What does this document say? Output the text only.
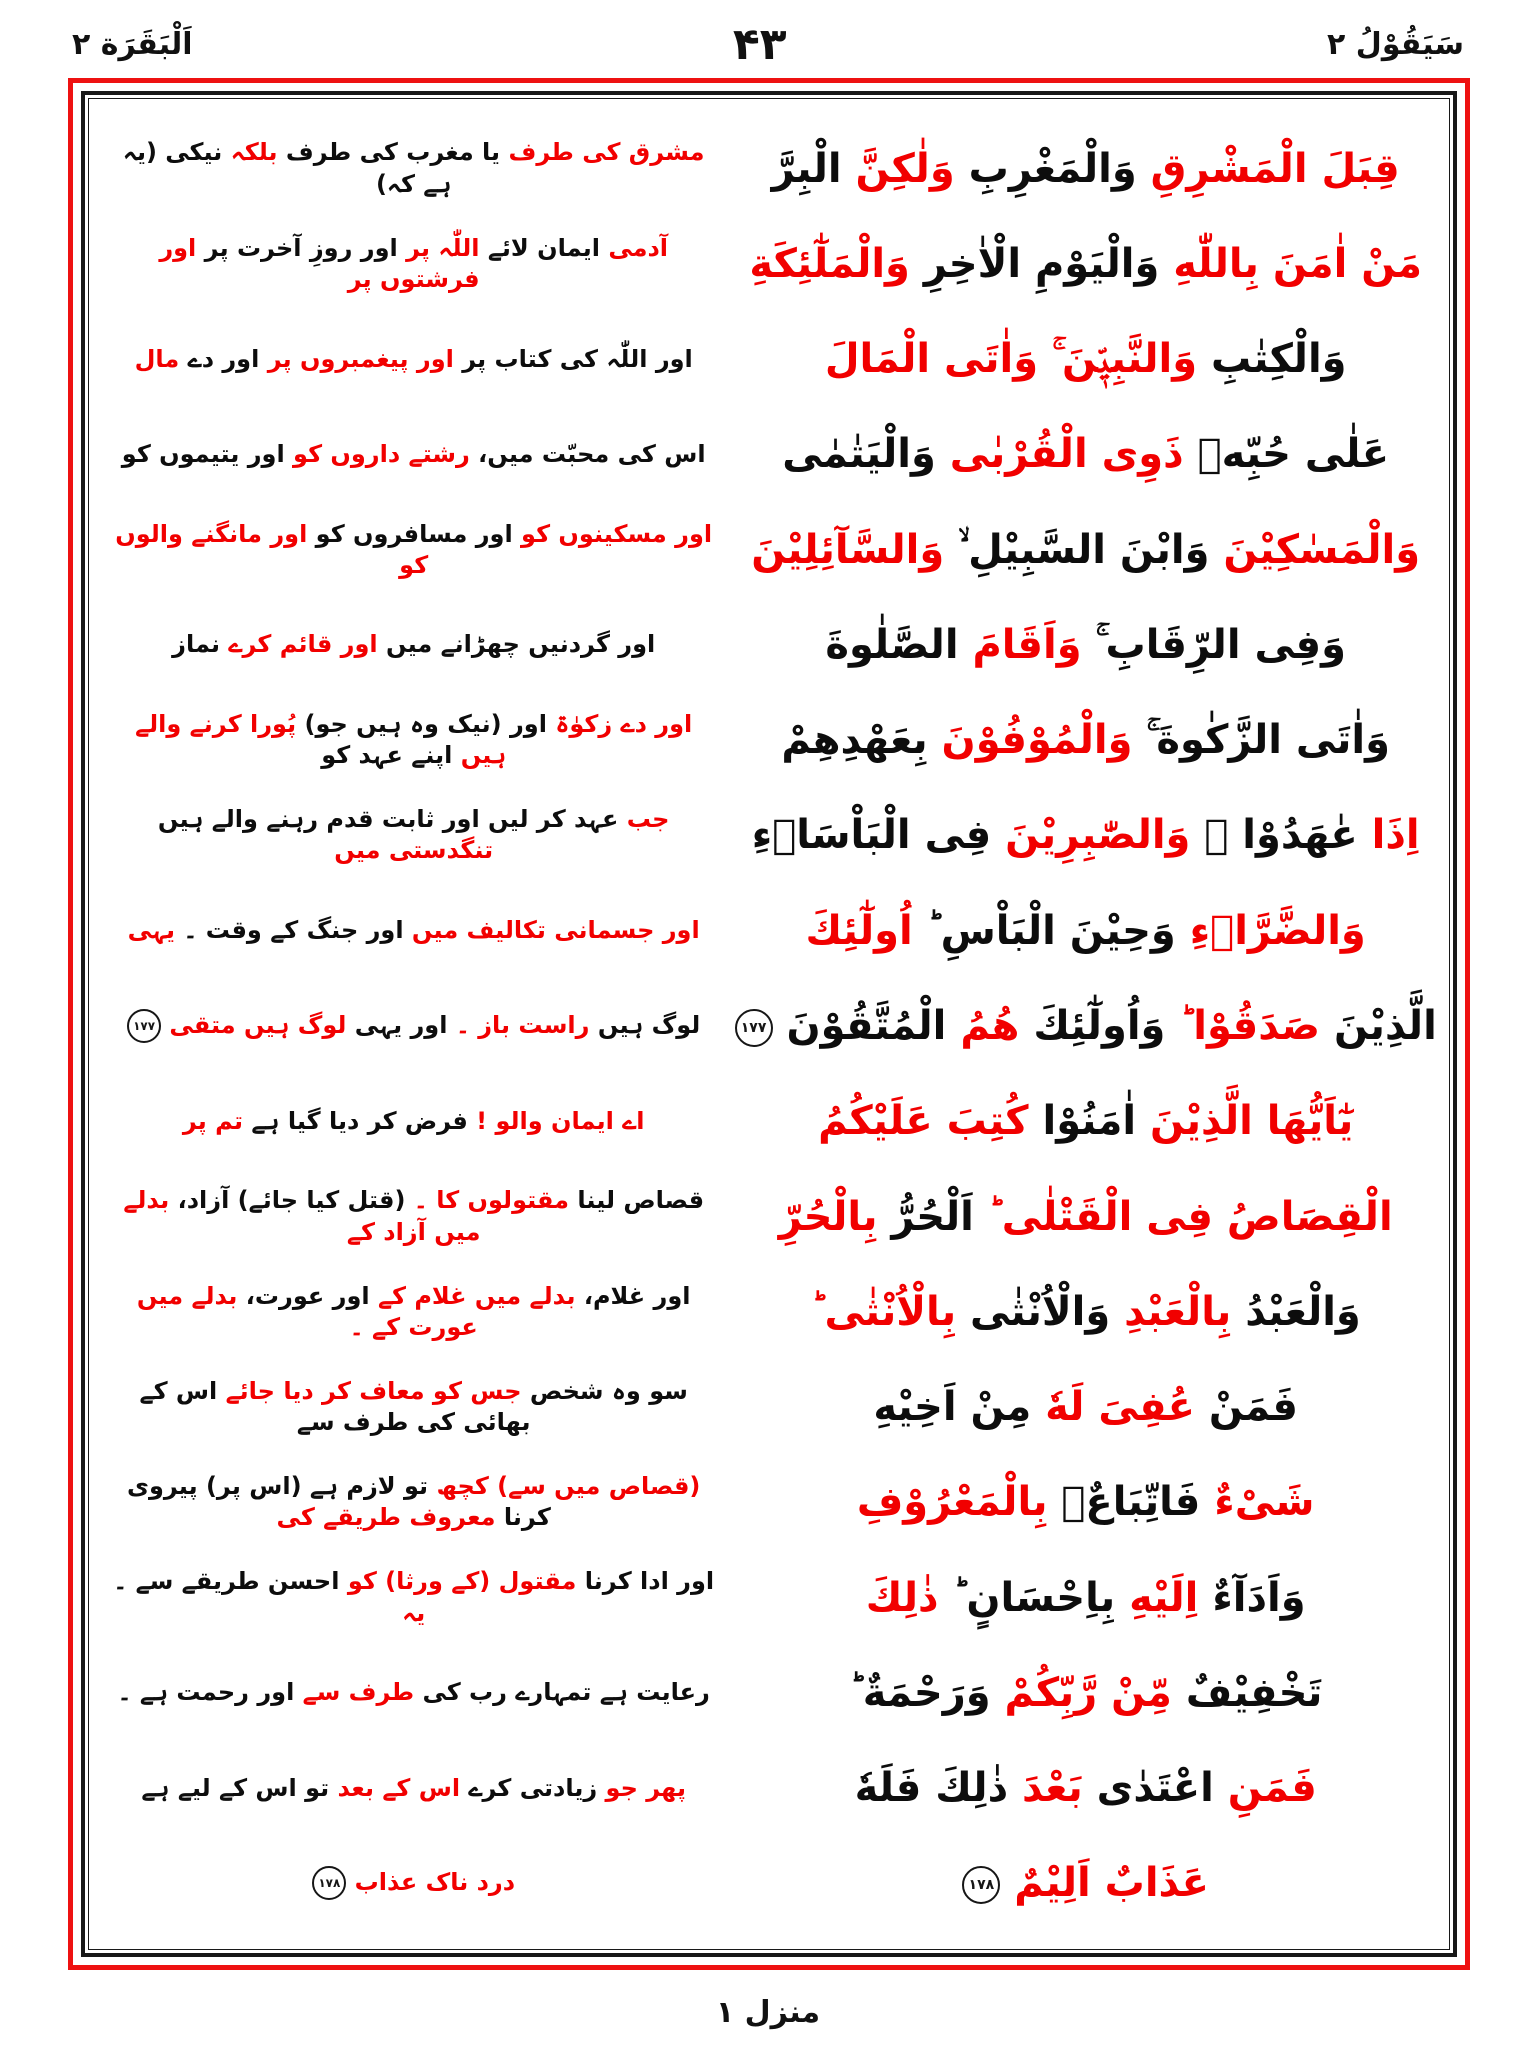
اَلْبَقَرَة ٢	۴۳	سَيَقُوْلُ ٢
مشرق کی طرف یا مغرب کی طرف بلکہ نیکی (یہ ہے کہ)	قِبَلَ الْمَشْرِقِ وَالْمَغْرِبِ وَلٰكِنَّ الْبِرَّ
آدمی ایمان لائے اللّٰہ پر اور روزِ آخرت پر اور فرشتوں پر	مَنْ اٰمَنَ بِاللّٰهِ وَالْيَوْمِ الْاٰخِرِ وَالْمَلٰٓئِكَةِ
اور اللّٰہ کی کتاب پر اور پیغمبروں پر اور دے مال	وَالْكِتٰبِ وَالنَّبِيّٖنَ ۚ وَاٰتَى الْمَالَ
اس کی محبّت میں، رشتے داروں کو اور یتیموں کو	عَلٰى حُبِّهٖ ذَوِى الْقُرْبٰى وَالْيَتٰمٰى
اور مسکینوں کو اور مسافروں کو اور مانگنے والوں کو	وَالْمَسٰكِيْنَ وَابْنَ السَّبِيْلِ ۙ وَالسَّآئِلِيْنَ
اور گردنیں چھڑانے میں اور قائم کرے نماز	وَفِى الرِّقَابِ ۚ وَاَقَامَ الصَّلٰوةَ
اور دے زکوٰۃ اور (نیک وہ ہیں جو) پُورا کرنے والے ہیں اپنے عہد کو	وَاٰتَى الزَّكٰوةَ ۚ وَالْمُوْفُوْنَ بِعَهْدِهِمْ
جب عہد کر لیں اور ثابت قدم رہنے والے ہیں تنگدستی میں	اِذَا عٰهَدُوْا ۚ وَالصّٰبِرِيْنَ فِى الْبَاْسَاۤءِ
اور جسمانی تکالیف میں اور جنگ کے وقت ۔ یہی	وَالضَّرَّاۤءِ وَحِيْنَ الْبَاْسِ ؕ اُولٰٓئِكَ
لوگ ہیں راست باز ۔ اور یہی لوگ ہیں متقی ١٧٧	الَّذِيْنَ صَدَقُوْا ؕ وَاُولٰٓئِكَ هُمُ الْمُتَّقُوْنَ ١٧٧
اے ایمان والو ! فرض کر دیا گیا ہے تم پر	يٰٓاَيُّهَا الَّذِيْنَ اٰمَنُوْا كُتِبَ عَلَيْكُمُ
قصاص لینا مقتولوں کا ۔ (قتل کیا جائے) آزاد، بدلے میں آزاد کے	الْقِصَاصُ فِى الْقَتْلٰى ؕ اَلْحُرُّ بِالْحُرِّ
اور غلام، بدلے میں غلام کے اور عورت، بدلے میں عورت کے ۔	وَالْعَبْدُ بِالْعَبْدِ وَالْاُنْثٰى بِالْاُنْثٰى ؕ
سو وہ شخص جس کو معاف کر دیا جائے اس کے بھائی کی طرف سے	فَمَنْ عُفِىَ لَهٗ مِنْ اَخِيْهِ
(قصاص میں سے) کچھ تو لازم ہے (اس پر) پیروی کرنا معروف طریقے کی	شَىْءٌ فَاتِّبَاعٌۢ بِالْمَعْرُوْفِ
اور ادا کرنا مقتول (کے ورثا) کو احسن طریقے سے ۔ یہ	وَاَدَآءٌ اِلَيْهِ بِاِحْسَانٍ ؕ ذٰلِكَ
رعایت ہے تمہارے رب کی طرف سے اور رحمت ہے ۔	تَخْفِيْفٌ مِّنْ رَّبِّكُمْ وَرَحْمَةٌ ؕ
پھر جو زیادتی کرے اس کے بعد تو اس کے لیے ہے	فَمَنِ اعْتَدٰى بَعْدَ ذٰلِكَ فَلَهٗ
درد ناک عذاب ١٧٨	عَذَابٌ اَلِيْمٌ ١٧٨
منزل ١
